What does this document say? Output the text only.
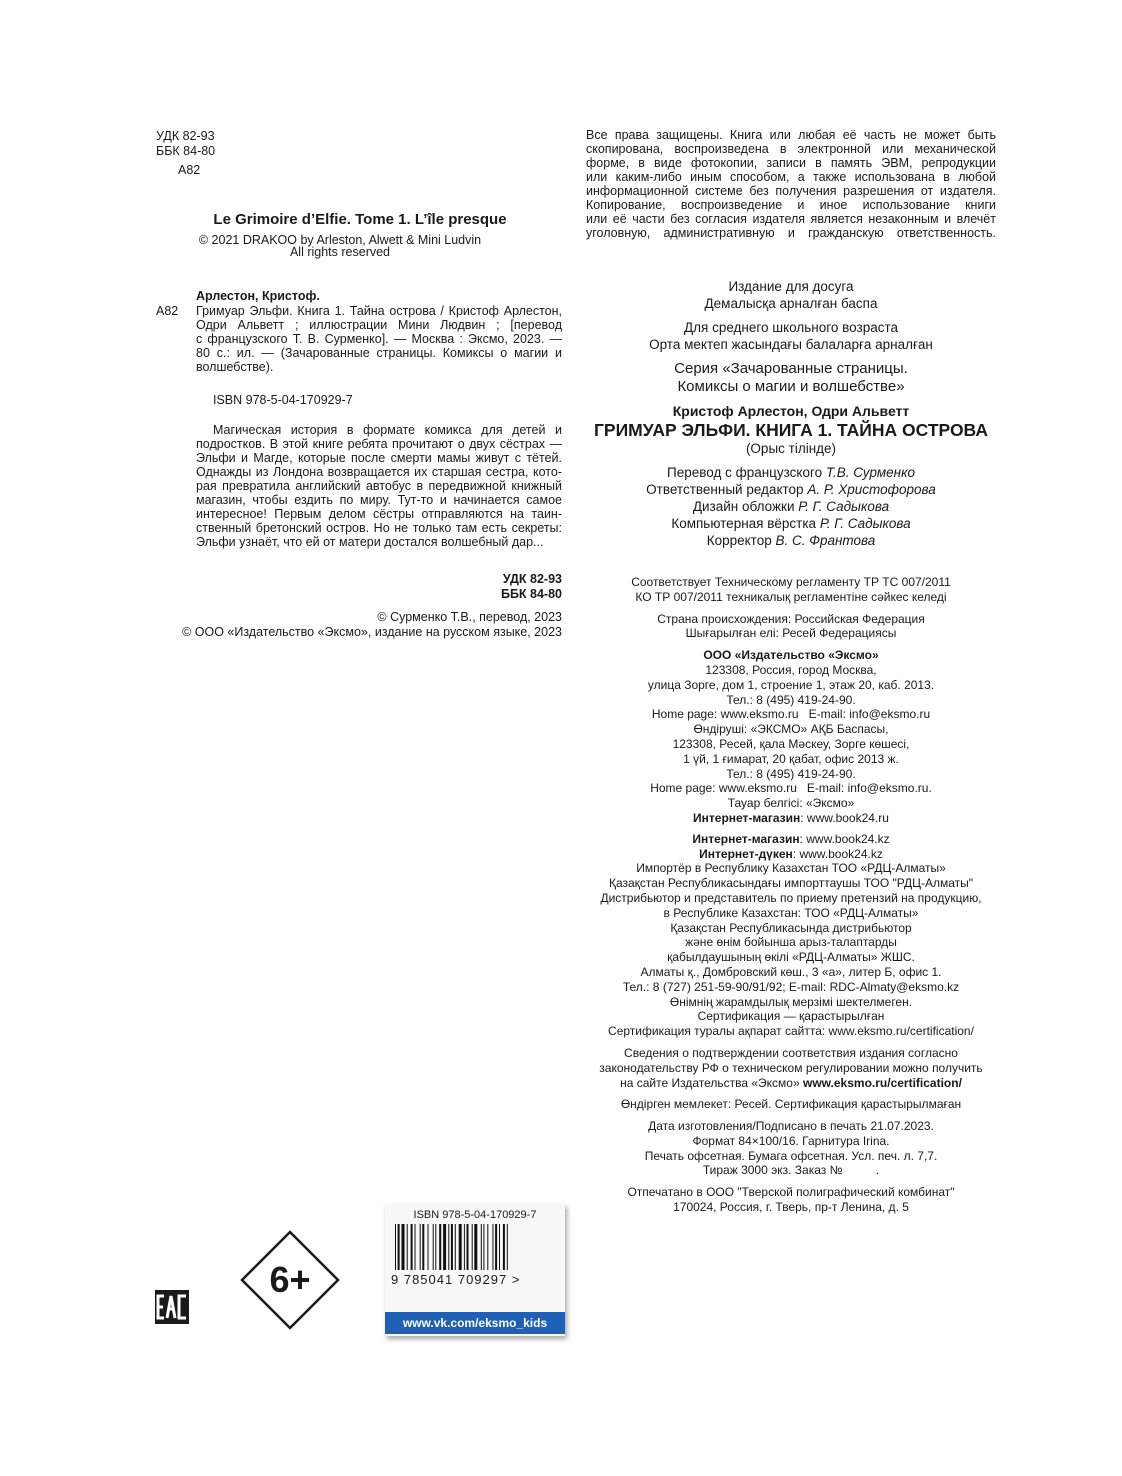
УДК 82-93
ББК 84-80
А82
Le Grimoire d’Elfie. Tome 1. L’île presque
© 2021 DRAKOO by Arleston, Alwett & Mini Ludvin
All rights reserved
Арлестон, Кристоф.
А82 Гримуар Эльфи. Книга 1. Тайна острова / Кристоф Арлестон,
Одри Альветт ; иллюстрации Мини Людвин ; [перевод
с французского Т. В. Сурменко]. — Москва : Эксмо, 2023. —
80 с.: ил. — (Зачарованные страницы. Комиксы о магии и
волшебстве).
ISBN 978-5-04-170929-7
Магическая история в формате комикса для детей и
подростков. В этой книге ребята прочитают о двух сёстрах —
Эльфи и Магде, которые после смерти мамы живут с тётей.
Однажды из Лондона возвращается их старшая сестра, кото-
рая превратила английский автобус в передвижной книжный
магазин, чтобы ездить по миру. Тут-то и начинается самое
интересное! Первым делом сёстры отправляются на таин-
ственный бретонский остров. Но не только там есть секреты:
Эльфи узнаёт, что ей от матери достался волшебный дар...
УДК 82-93
ББК 84-80
© Сурменко Т.В., перевод, 2023
© ООО «Издательство «Эксмо», издание на русском языке, 2023
Все права защищены. Книга или любая её часть не может быть
скопирована, воспроизведена в электронной или механической
форме, в виде фотокопии, записи в память ЭВМ, репродукции
или каким-либо иным способом, а также использована в любой
информационной системе без получения разрешения от издателя.
Копирование, воспроизведение и иное использование книги
или её части без согласия издателя является незаконным и влечёт
уголовную, административную и гражданскую ответственность.
Издание для досуга
Демалысқа арналған баспа
Для среднего школьного возраста
Орта мектеп жасындағы балаларға арналған
Серия «Зачарованные страницы.
Комиксы о магии и волшебстве»
Кристоф Арлестон, Одри Альветт
ГРИМУАР ЭЛЬФИ. КНИГА 1. ТАЙНА ОСТРОВА
(Орыс тілінде)
Перевод с французского Т.В. Сурменко
Ответственный редактор А. Р. Христофорова
Дизайн обложки Р. Г. Садыкова
Компьютерная вёрстка Р. Г. Садыкова
Корректор В. С. Франтова
Соответствует Техническому регламенту ТР ТС 007/2011
КО ТР 007/2011 техникалық регламентіне сәйкес келеді
Страна происхождения: Российская Федерация
Шығарылған елі: Ресей Федерациясы
ООО «Издательство «Эксмо»
123308, Россия, город Москва,
улица Зорге, дом 1, строение 1, этаж 20, каб. 2013.
Тел.: 8 (495) 419-24-90.
Home page: www.eksmo.ru   E-mail: info@eksmo.ru
Өндіруші: «ЭКСМО» АҚБ Баспасы,
123308, Ресей, қала Мәскеу, Зорге көшесі,
1 үй, 1 ғимарат, 20 қабат, офис 2013 ж.
Тел.: 8 (495) 419-24-90.
Home page: www.eksmo.ru   E-mail: info@eksmo.ru.
Тауар белгісі: «Эксмо»
Интернет-магазин: www.book24.ru
Интернет-магазин: www.book24.kz
Интернет-дүкен: www.book24.kz
Импортёр в Республику Казахстан ТОО «РДЦ-Алматы»
Қазақстан Республикасындағы импорттаушы ТОО "РДЦ-Алматы"
Дистрибьютор и представитель по приему претензий на продукцию,
в Республике Казахстан: ТОО «РДЦ-Алматы»
Қазақстан Республикасында дистрибьютор
және өнім бойынша арыз-талаптарды
қабылдаушының өкілі «РДЦ-Алматы» ЖШС.
Алматы қ., Домбровский көш., 3 «а», литер Б, офис 1.
Тел.: 8 (727) 251-59-90/91/92; E-mail: RDC-Almaty@eksmo.kz
Өнімнің жарамдылық мерзімі шектелмеген.
Сертификация — қарастырылған
Сертификация туралы ақпарат сайтта: www.eksmo.ru/certification/
Сведения о подтверждении соответствия издания согласно
законодательству РФ о техническом регулировании можно получить
на сайте Издательства «Эксмо» www.eksmo.ru/certification/
Өндірген мемлекет: Ресей. Сертификация қарастырылмаған
Дата изготовления/Подписано в печать 21.07.2023.
Формат 84×100/16. Гарнитура Irina.
Печать офсетная. Бумага офсетная. Усл. печ. л. 7,7.
Тираж 3000 экз. Заказ №          .
Отпечатано в ООО "Тверской полиграфический комбинат"
170024, Россия, г. Тверь, пр-т Ленина, д. 5
6+
ISBN 978-5-04-170929-7
9 785041 709297 >
www.vk.com/eksmo_kids
